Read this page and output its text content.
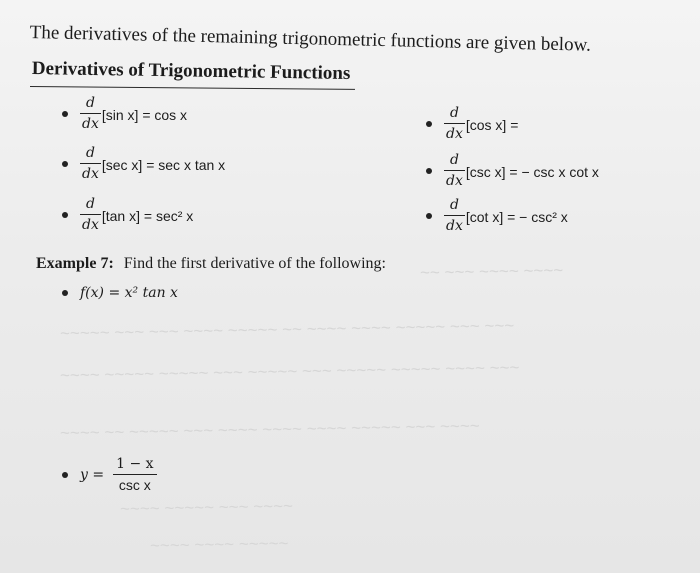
~~ ~~~ ~~~~ ~~~~
~~~~~ ~~~ ~~~ ~~~~ ~~~~~ ~~ ~~~~ ~~~~ ~~~~~ ~~~ ~~~
~~~~ ~~~~~ ~~~~~ ~~~ ~~~~~ ~~~ ~~~~~ ~~~~~ ~~~~ ~~~
~~~~ ~~ ~~~~~ ~~~ ~~~~ ~~~~ ~~~~ ~~~~~ ~~~ ~~~~
~~~~ ~~~~~ ~~~ ~~~~
~~~~ ~~~~ ~~~~~
The derivatives of the remaining trigonometric functions are given below.
Derivatives of Trigonometric Functions
$\frac{d}{dx} [\sin$ x] = cos x
$\frac{d}{dx} [\sec$ x] = sec x tan x
$\frac{d}{dx} [\tan$ x] = sec² x
$\frac{d}{dx} [\cos$ x] =
$\frac{d}{dx} [\csc$ x] = − csc x cot x
$\frac{d}{dx} [\cot$ x] = − csc² x
Example 7: Find the first derivative of the following:
f(x) = x² tan x
$y = \frac{1 - x}{\text{csc x}}$
